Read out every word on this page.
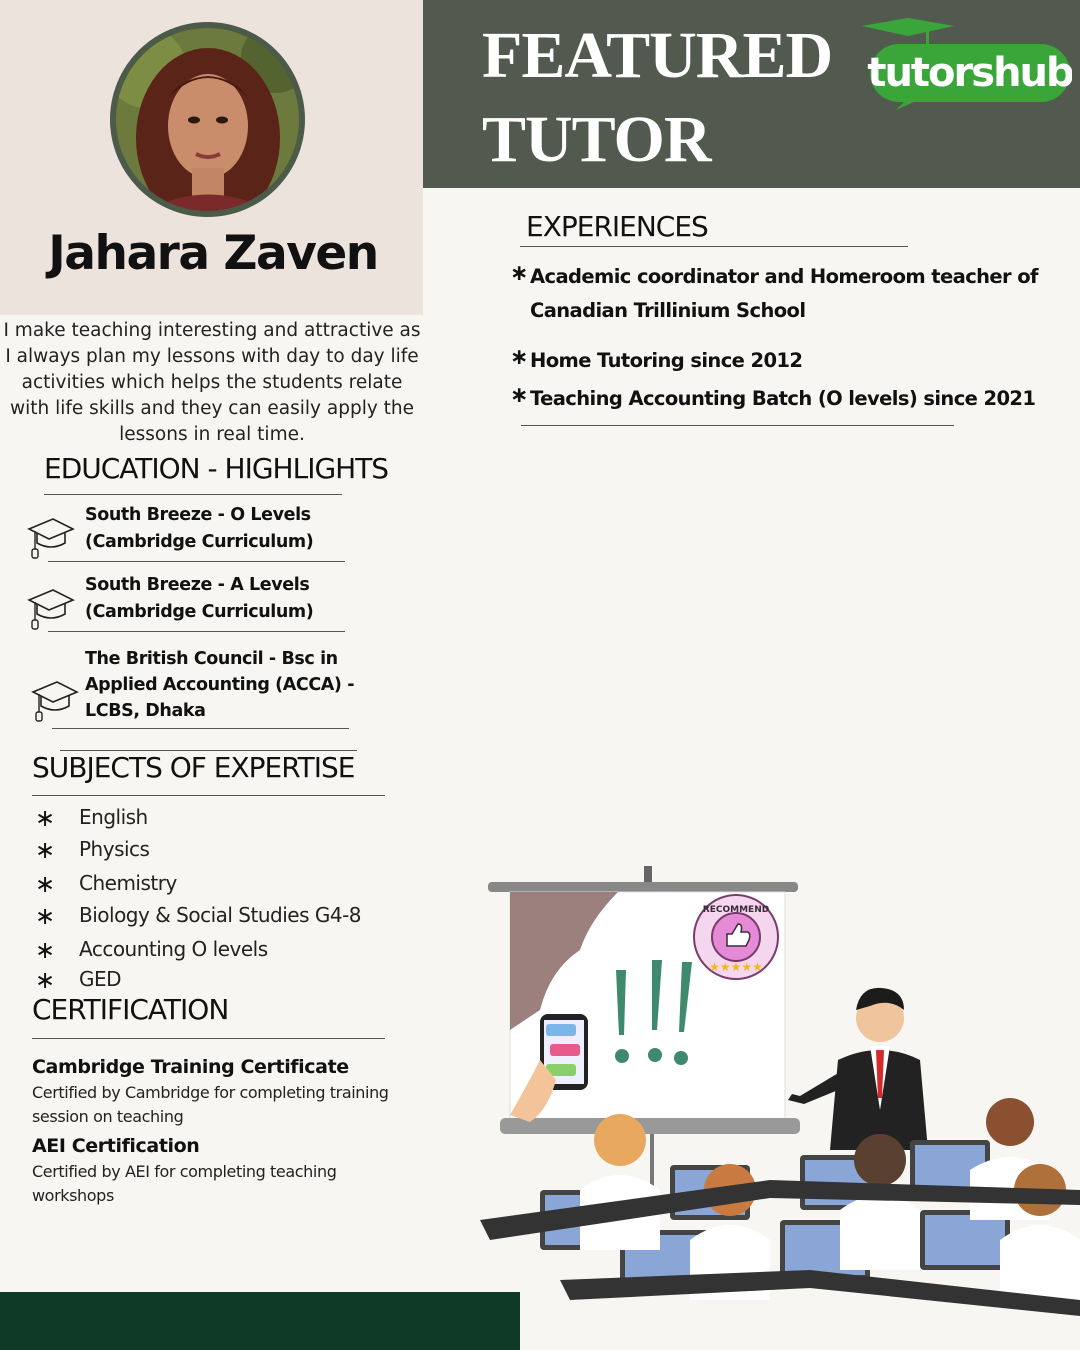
Jahara Zaven
FEATURED
TUTOR
tutorshub
I make teaching interesting and attractive as I always plan my lessons with day to day life activities which helps the students relate with life skills and they can easily apply the lessons in real time.
EDUCATION - HIGHLIGHTS
South Breeze - O Levels
(Cambridge Curriculum)
South Breeze - A Levels
(Cambridge Curriculum)
The British Council - Bsc in
Applied Accounting (ACCA) -
LCBS, Dhaka
SUBJECTS OF EXPERTISE
∗ English
∗ Physics
∗ Chemistry
∗ Biology & Social Studies G4-8
∗ Accounting O levels
∗ GED
CERTIFICATION
Cambridge Training Certificate
Certified by Cambridge for completing training
session on teaching
AEI Certification
Certified by AEI for completing teaching
workshops
EXPERIENCES
∗ Academic coordinator and Homeroom teacher of
Canadian Trillinium School
∗ Home Tutoring since 2012
∗ Teaching Accounting Batch (O levels) since 2021
RECOMMEND
★★★★★
